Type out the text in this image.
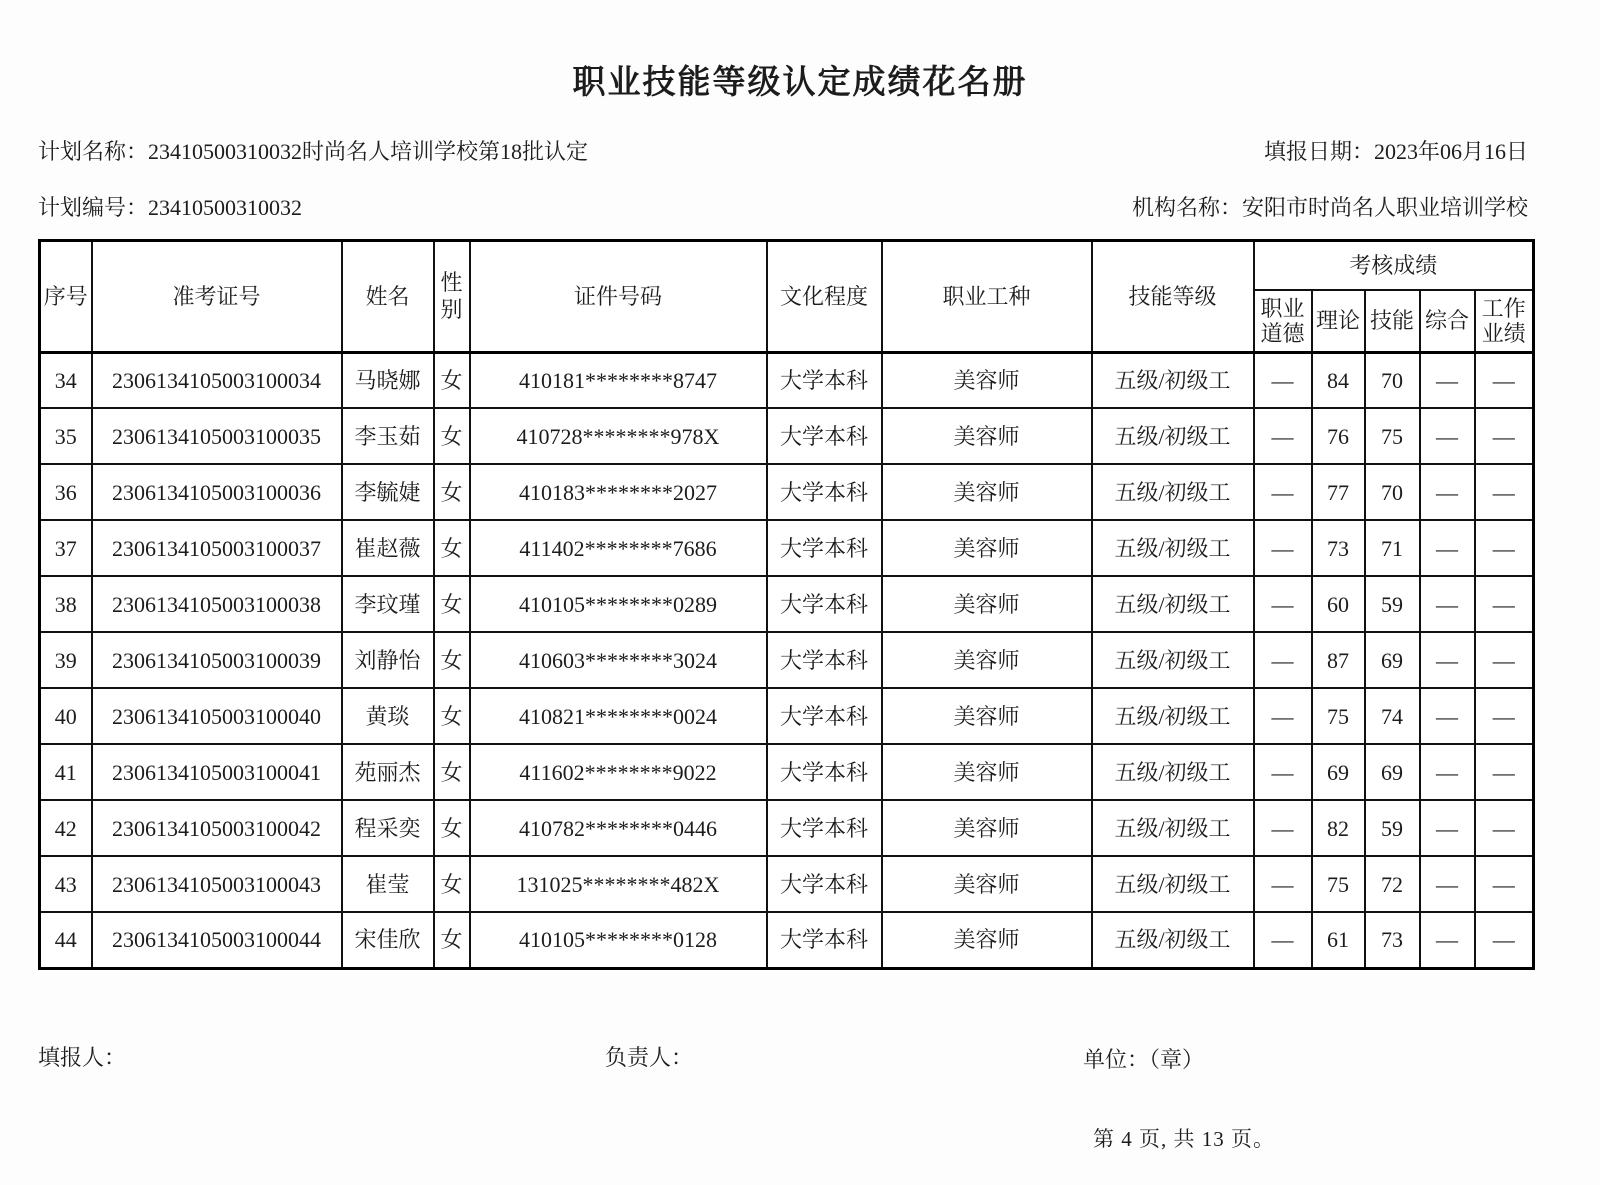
职业技能等级认定成绩花名册
计划名称：23410500310032时尚名人培训学校第18批认定	填报日期：2023年06月16日
计划编号：23410500310032	机构名称：安阳市时尚名人职业培训学校
序号	准考证号	姓名	性别	证件号码	文化程度	职业工种	技能等级	考核成绩				
								职业道德	理论	技能	综合	工作业绩
34	2306134105003100034	马晓娜	女	410181********8747	大学本科	美容师	五级/初级工	—	84	70	—	—
35	2306134105003100035	李玉茹	女	410728********978X	大学本科	美容师	五级/初级工	—	76	75	—	—
36	2306134105003100036	李毓婕	女	410183********2027	大学本科	美容师	五级/初级工	—	77	70	—	—
37	2306134105003100037	崔赵薇	女	411402********7686	大学本科	美容师	五级/初级工	—	73	71	—	—
38	2306134105003100038	李玟瑾	女	410105********0289	大学本科	美容师	五级/初级工	—	60	59	—	—
39	2306134105003100039	刘静怡	女	410603********3024	大学本科	美容师	五级/初级工	—	87	69	—	—
40	2306134105003100040	黄琰	女	410821********0024	大学本科	美容师	五级/初级工	—	75	74	—	—
41	2306134105003100041	苑丽杰	女	411602********9022	大学本科	美容师	五级/初级工	—	69	69	—	—
42	2306134105003100042	程采奕	女	410782********0446	大学本科	美容师	五级/初级工	—	82	59	—	—
43	2306134105003100043	崔莹	女	131025********482X	大学本科	美容师	五级/初级工	—	75	72	—	—
44	2306134105003100044	宋佳欣	女	410105********0128	大学本科	美容师	五级/初级工	—	61	73	—	—
填报人：	负责人：	单位：（章）
第 4 页, 共 13 页。
